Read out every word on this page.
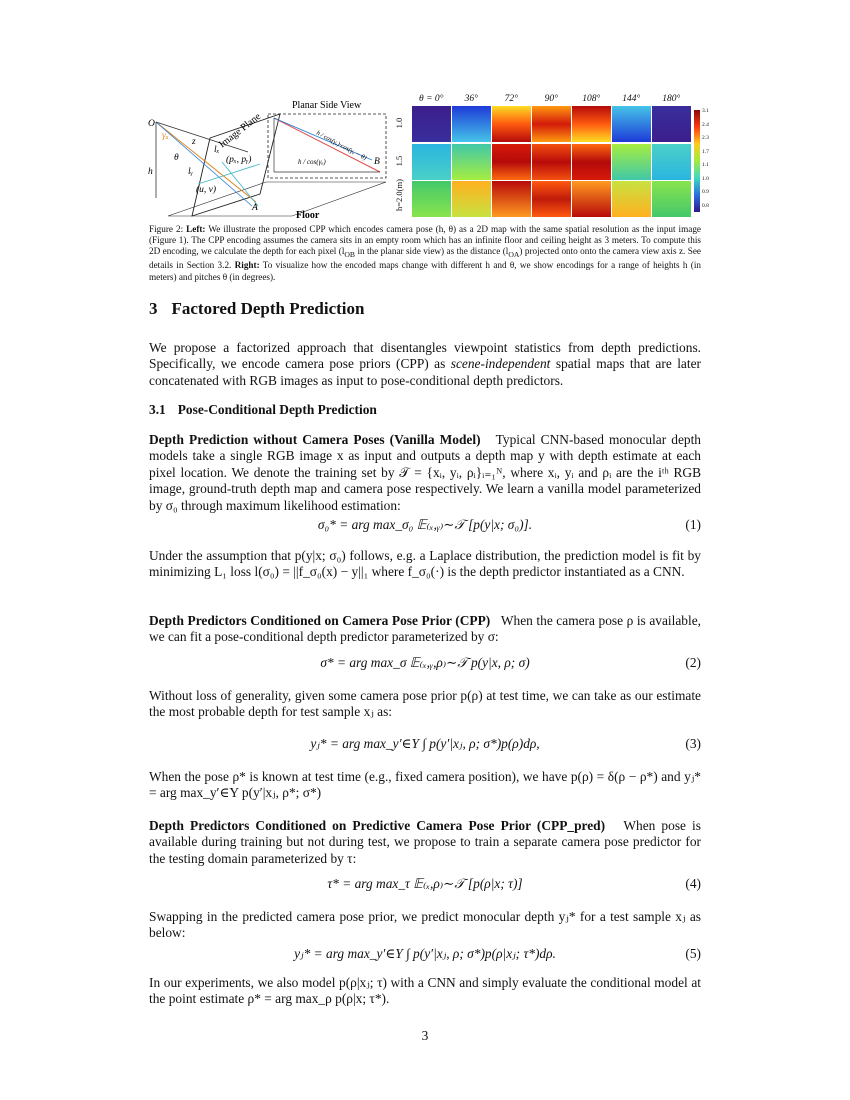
O
h
z
γᵤ
θ
lₓ
lᵧ
(pₓ, pᵧ)
(u, v)
A
B
Planar Side View
Floor
Image Plane
h / cos(γᵤ)
h / cos(γᵤ)·cos(γᵤ − θ)
θ = 0°	36°	72°	90°	108°	144°	180°
1.0
1.5
h=2.0(m)
3.1
2.4
2.3
1.7
1.1
1.0
0.9
0.8
Figure 2: Left: We illustrate the proposed CPP which encodes camera pose (h, θ) as a 2D map with the same spatial resolution as the input image (Figure 1). The CPP encoding assumes the camera sits in an empty room which has an infinite floor and ceiling height as 3 meters. To compute this 2D encoding, we calculate the depth for each pixel ($l_{OB}$ in the planar side view) as the distance $(l_{OA})$ projected onto onto the camera view axis z. See details in Section 3.2. Right: To visualize how the encoded maps change with different h and θ, we show encodings for a range of heights h (in meters) and pitches θ (in degrees).
3 Factored Depth Prediction
We propose a factorized approach that disentangles viewpoint statistics from depth predictions. Specifically, we encode camera pose priors (CPP) as scene-independent spatial maps that are later concatenated with RGB images as input to pose-conditional depth predictors.
3.1 Pose-Conditional Depth Prediction
Depth Prediction without Camera Poses (Vanilla Model) Typical CNN-based monocular depth models take a single RGB image x as input and outputs a depth map y with depth estimate at each pixel location. We denote the training set by 𝒯 = {xᵢ, yᵢ, ρᵢ}ᵢ₌₁ᴺ, where xᵢ, yᵢ and ρᵢ are the iᵗʰ RGB image, ground-truth depth map and camera pose respectively. We learn a vanilla model parameterized by σ₀ through maximum likelihood estimation:
σ₀* = arg max_σ₀ 𝔼₍ₓ,ᵧ₎∼𝒯 [p(y|x; σ₀)].	(1)
Under the assumption that p(y|x; σ₀) follows, e.g. a Laplace distribution, the prediction model is fit by minimizing L₁ loss l(σ₀) = ||f_σ₀(x) − y||₁ where f_σ₀(·) is the depth predictor instantiated as a CNN.
Depth Predictors Conditioned on Camera Pose Prior (CPP) When the camera pose ρ is available, we can fit a pose-conditional depth predictor parameterized by σ:
σ* = arg max_σ 𝔼₍ₓ,ᵧ,ρ₎∼𝒯 p(y|x, ρ; σ)	(2)
Without loss of generality, given some camera pose prior p(ρ) at test time, we can take as our estimate the most probable depth for test sample xⱼ as:
yⱼ* = arg max_y′∈Y ∫ p(y′|xⱼ, ρ; σ*)p(ρ)dρ,	(3)
When the pose ρ* is known at test time (e.g., fixed camera position), we have p(ρ) = δ(ρ − ρ*) and yⱼ* = arg max_y′∈Y p(y′|xⱼ, ρ*; σ*)
Depth Predictors Conditioned on Predictive Camera Pose Prior (CPP_pred) When pose is available during training but not during test, we propose to train a separate camera pose predictor for the testing domain parameterized by τ:
τ* = arg max_τ 𝔼₍ₓ,ρ₎∼𝒯 [p(ρ|x; τ)]	(4)
Swapping in the predicted camera pose prior, we predict monocular depth yⱼ* for a test sample xⱼ as below:
yⱼ* = arg max_y′∈Y ∫ p(y′|xⱼ, ρ; σ*)p(ρ|xⱼ; τ*)dρ.	(5)
In our experiments, we also model p(ρ|xⱼ; τ) with a CNN and simply evaluate the conditional model at the point estimate ρ* = arg max_ρ p(ρ|x; τ*).
3
